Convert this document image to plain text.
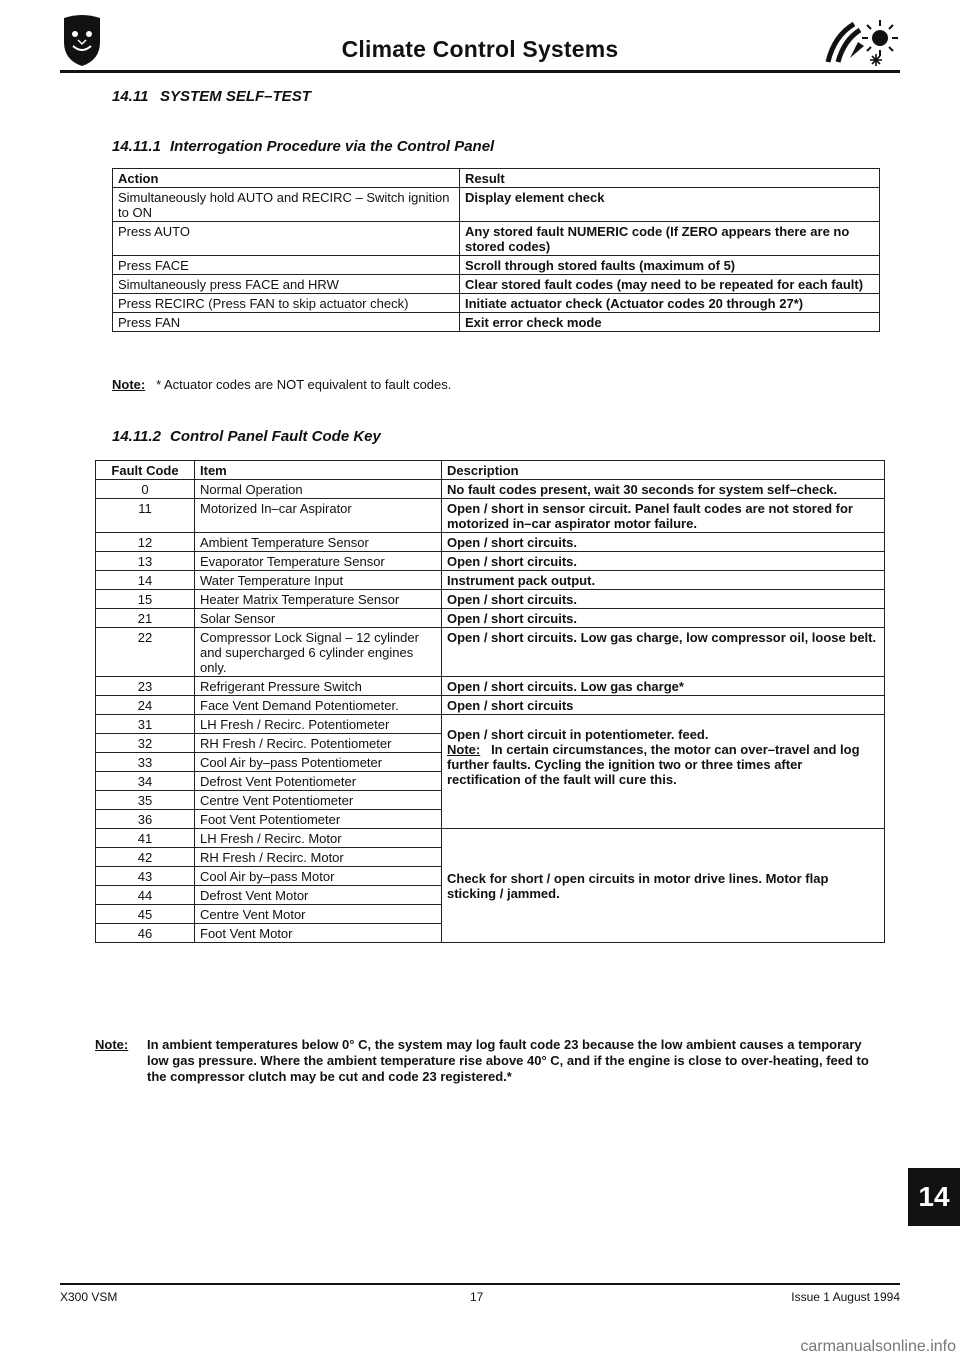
Climate Control Systems
14.11 SYSTEM SELF–TEST
14.11.1 Interrogation Procedure via the Control Panel
Action	Result
Simultaneously hold AUTO and RECIRC – Switch ignition to ON	Display element check
Press AUTO	Any stored fault NUMERIC code (If ZERO appears there are no stored codes)
Press FACE	Scroll through stored faults (maximum of 5)
Simultaneously press FACE and HRW	Clear stored fault codes (may need to be repeated for each fault)
Press RECIRC (Press FAN to skip actuator check)	Initiate actuator check (Actuator codes 20 through 27*)
Press FAN	Exit error check mode
Note: * Actuator codes are NOT equivalent to fault codes.
14.11.2 Control Panel Fault Code Key
Fault Code	Item	Description
0	Normal Operation	No fault codes present, wait 30 seconds for system self–check.
11	Motorized In–car Aspirator	Open / short in sensor circuit. Panel fault codes are not stored for motorized in–car aspirator motor failure.
12	Ambient Temperature Sensor	Open / short circuits.
13	Evaporator Temperature Sensor	Open / short circuits.
14	Water Temperature Input	Instrument pack output.
15	Heater Matrix Temperature Sensor	Open / short circuits.
21	Solar Sensor	Open / short circuits.
22	Compressor Lock Signal – 12 cylinder and supercharged 6 cylinder engines only.	Open / short circuits. Low gas charge, low compressor oil, loose belt.
23	Refrigerant Pressure Switch	Open / short circuits. Low gas charge*
24	Face Vent Demand Potentiometer.	Open / short circuits
31	LH Fresh / Recirc. Potentiometer	Open / short circuit in potentiometer. feed.
Note: In certain circumstances, the motor can over–travel and log further faults. Cycling the ignition two or three times after rectification of the fault will cure this.

32	RH Fresh / Recirc. Potentiometer	
33	Cool Air by–pass Potentiometer	
34	Defrost Vent Potentiometer	
35	Centre Vent Potentiometer	
36	Foot Vent Potentiometer	
41	LH Fresh / Recirc. Motor	Check for short / open circuits in motor drive lines. Motor flap sticking / jammed.
42	RH Fresh / Recirc. Motor	
43	Cool Air by–pass Motor	
44	Defrost Vent Motor	
45	Centre Vent Motor	
46	Foot Vent Motor	
Note: In ambient temperatures below 0° C, the system may log fault code 23 because the low ambient causes a temporary low gas pressure. Where the ambient temperature rise above 40° C, and if the engine is close to over-heating, feed to the compressor clutch may be cut and code 23 registered.*
14
X300 VSM	17	Issue 1 August 1994
carmanualsonline.info
